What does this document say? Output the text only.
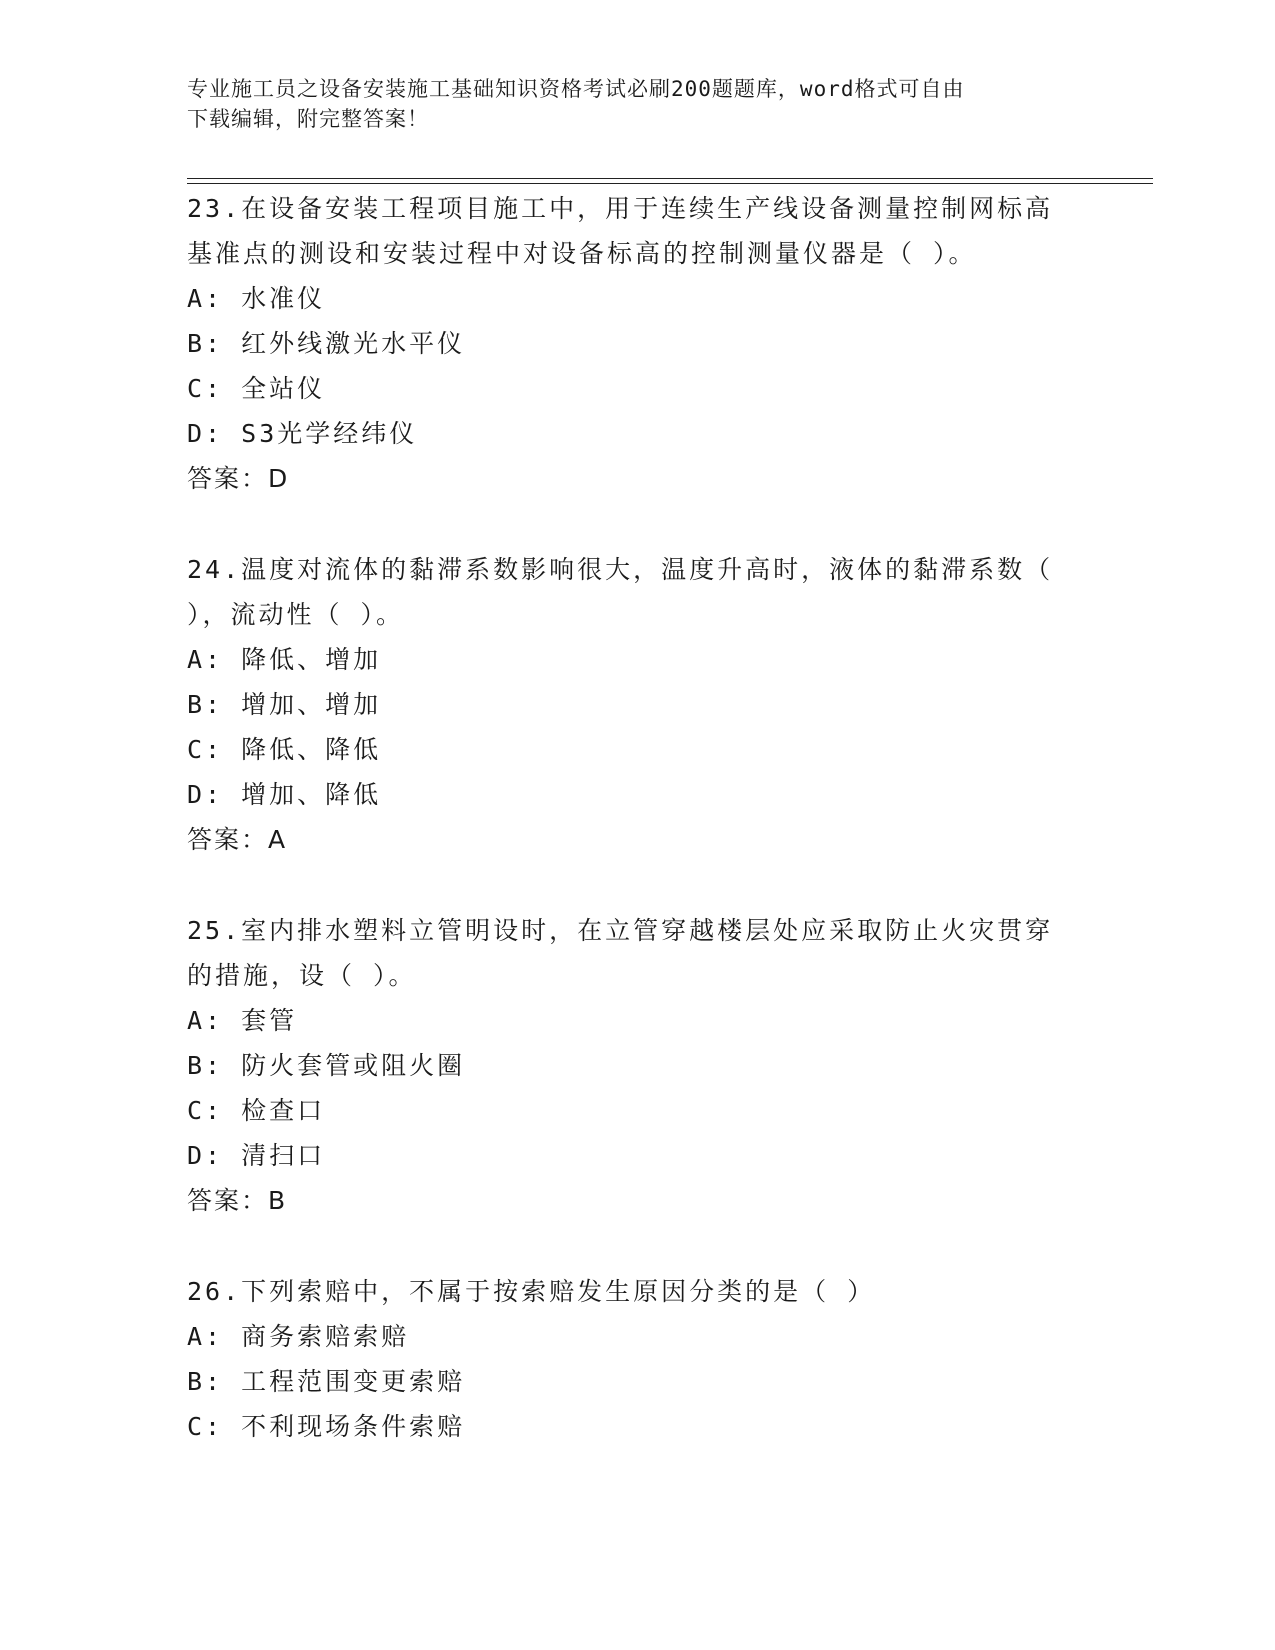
专业施工员之设备安装施工基础知识资格考试必刷200题题库，word格式可自由
下载编辑，附完整答案！
23.在设备安装工程项目施工中，用于连续生产线设备测量控制网标高
基准点的测设和安装过程中对设备标高的控制测量仪器是（ ）。
A: 水准仪
B: 红外线激光水平仪
C: 全站仪
D: S3光学经纬仪
答案：D
24.温度对流体的黏滞系数影响很大，温度升高时，液体的黏滞系数（
），流动性（ ）。
A: 降低、增加
B: 增加、增加
C: 降低、降低
D: 增加、降低
答案：A
25.室内排水塑料立管明设时，在立管穿越楼层处应采取防止火灾贯穿
的措施，设（ ）。
A: 套管
B: 防火套管或阻火圈
C: 检查口
D: 清扫口
答案：B
26.下列索赔中，不属于按索赔发生原因分类的是（ ）
A: 商务索赔索赔
B: 工程范围变更索赔
C: 不利现场条件索赔
